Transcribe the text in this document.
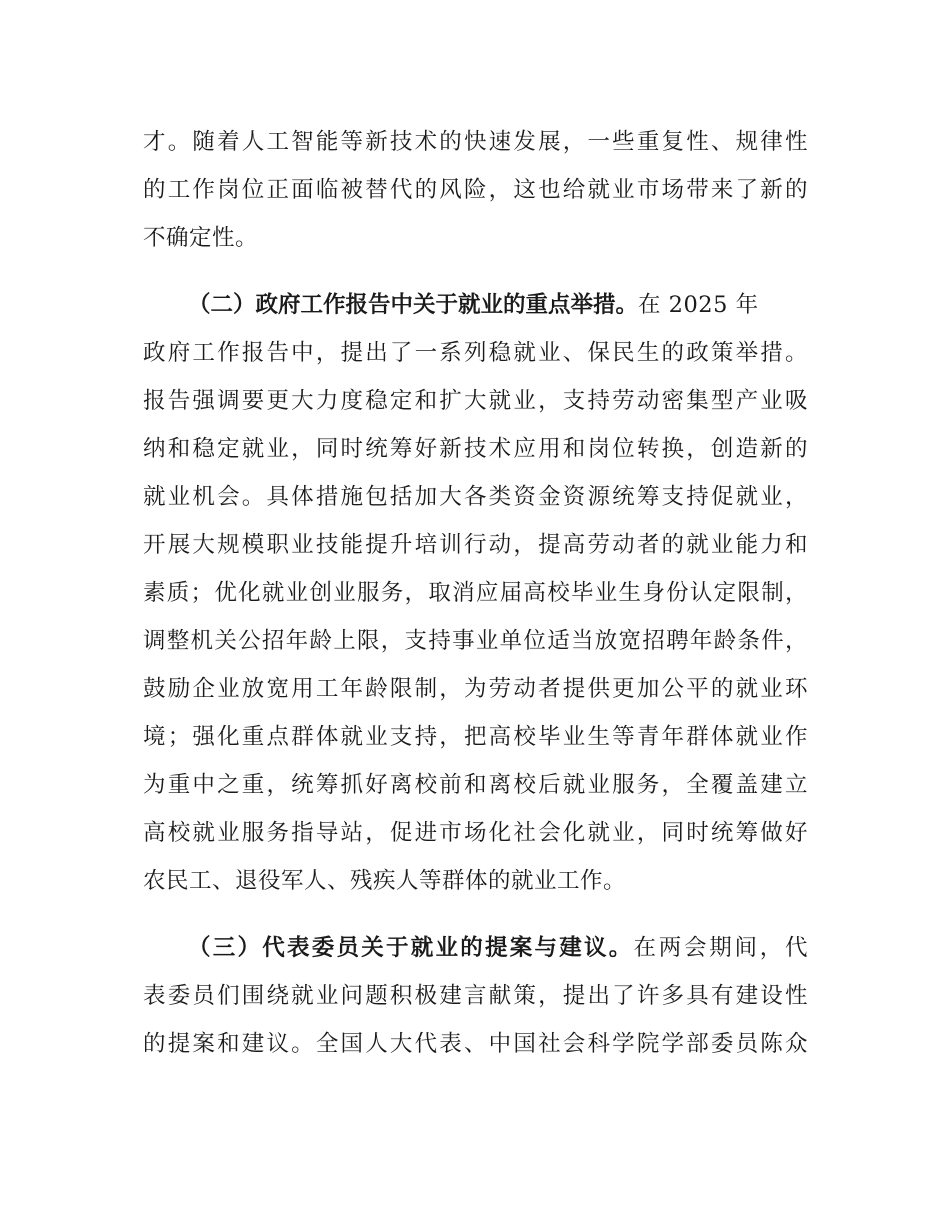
才。随着人工智能等新技术的快速发展，一些重复性、规律性
的工作岗位正面临被替代的风险，这也给就业市场带来了新的
不确定性。
（二）政府工作报告中关于就业的重点举措。在 2025 年
政府工作报告中，提出了一系列稳就业、保民生的政策举措。
报告强调要更大力度稳定和扩大就业，支持劳动密集型产业吸
纳和稳定就业，同时统筹好新技术应用和岗位转换，创造新的
就业机会。具体措施包括加大各类资金资源统筹支持促就业，
开展大规模职业技能提升培训行动，提高劳动者的就业能力和
素质；优化就业创业服务，取消应届高校毕业生身份认定限制，
调整机关公招年龄上限，支持事业单位适当放宽招聘年龄条件，
鼓励企业放宽用工年龄限制，为劳动者提供更加公平的就业环
境；强化重点群体就业支持，把高校毕业生等青年群体就业作
为重中之重，统筹抓好离校前和离校后就业服务，全覆盖建立
高校就业服务指导站，促进市场化社会化就业，同时统筹做好
农民工、退役军人、残疾人等群体的就业工作。
（三）代表委员关于就业的提案与建议。在两会期间，代
表委员们围绕就业问题积极建言献策，提出了许多具有建设性
的提案和建议。全国人大代表、中国社会科学院学部委员陈众
